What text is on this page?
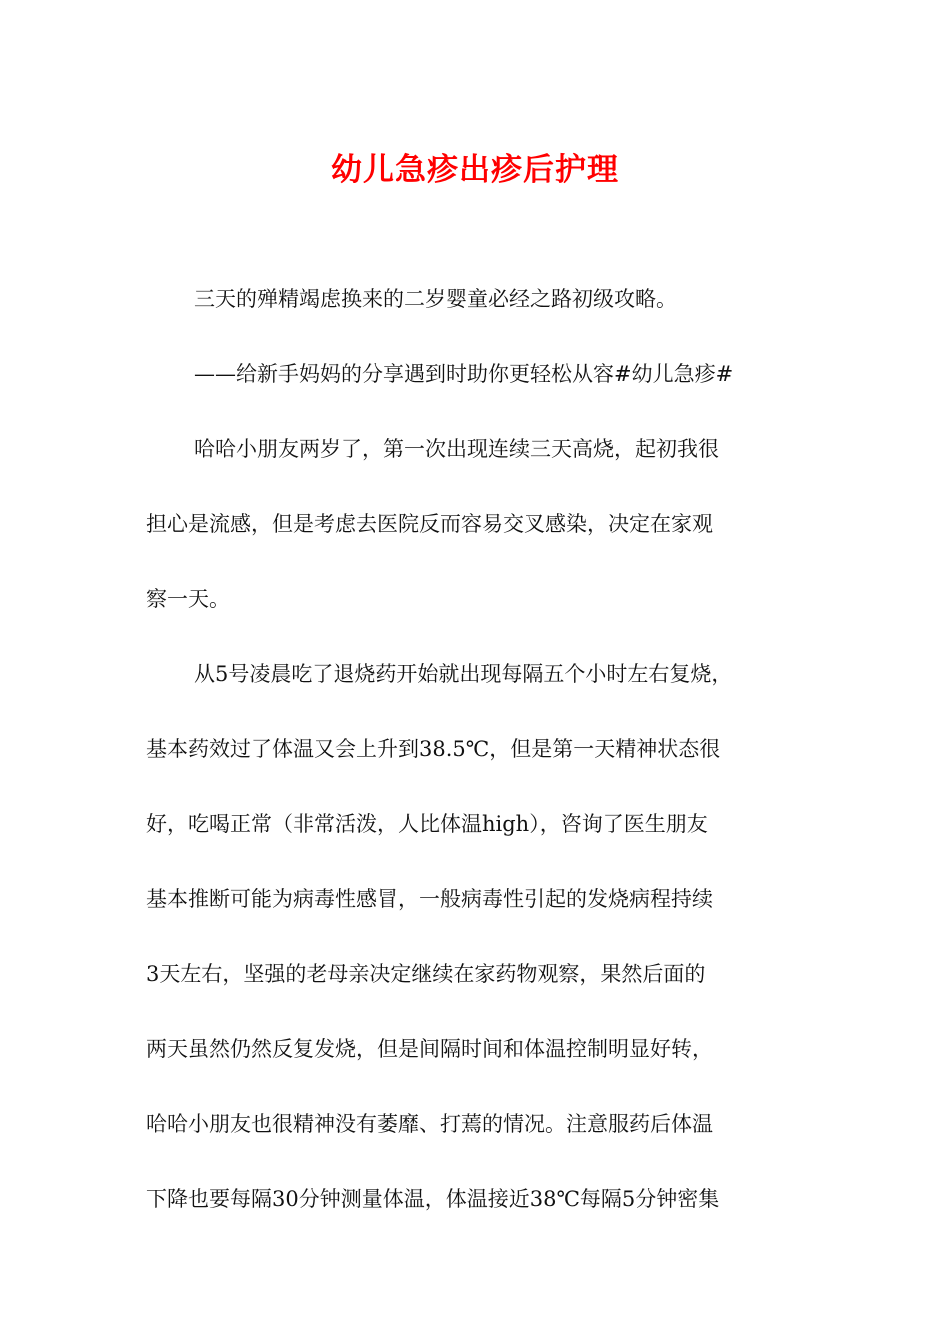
幼儿急疹出疹后护理

三天的殚精竭虑换来的二岁婴童必经之路初级攻略。

——给新手妈妈的分享遇到时助你更轻松从容#幼儿急疹#

哈哈小朋友两岁了，第一次出现连续三天高烧，起初我很
担心是流感，但是考虑去医院反而容易交叉感染，决定在家观
察一天。

从5号凌晨吃了退烧药开始就出现每隔五个小时左右复烧，
基本药效过了体温又会上升到38.5℃，但是第一天精神状态很
好，吃喝正常（非常活泼，人比体温high），咨询了医生朋友
基本推断可能为病毒性感冒，一般病毒性引起的发烧病程持续
3天左右，坚强的老母亲决定继续在家药物观察，果然后面的
两天虽然仍然反复发烧，但是间隔时间和体温控制明显好转，
哈哈小朋友也很精神没有萎靡、打蔫的情况。注意服药后体温
下降也要每隔30分钟测量体温，体温接近38℃每隔5分钟密集
